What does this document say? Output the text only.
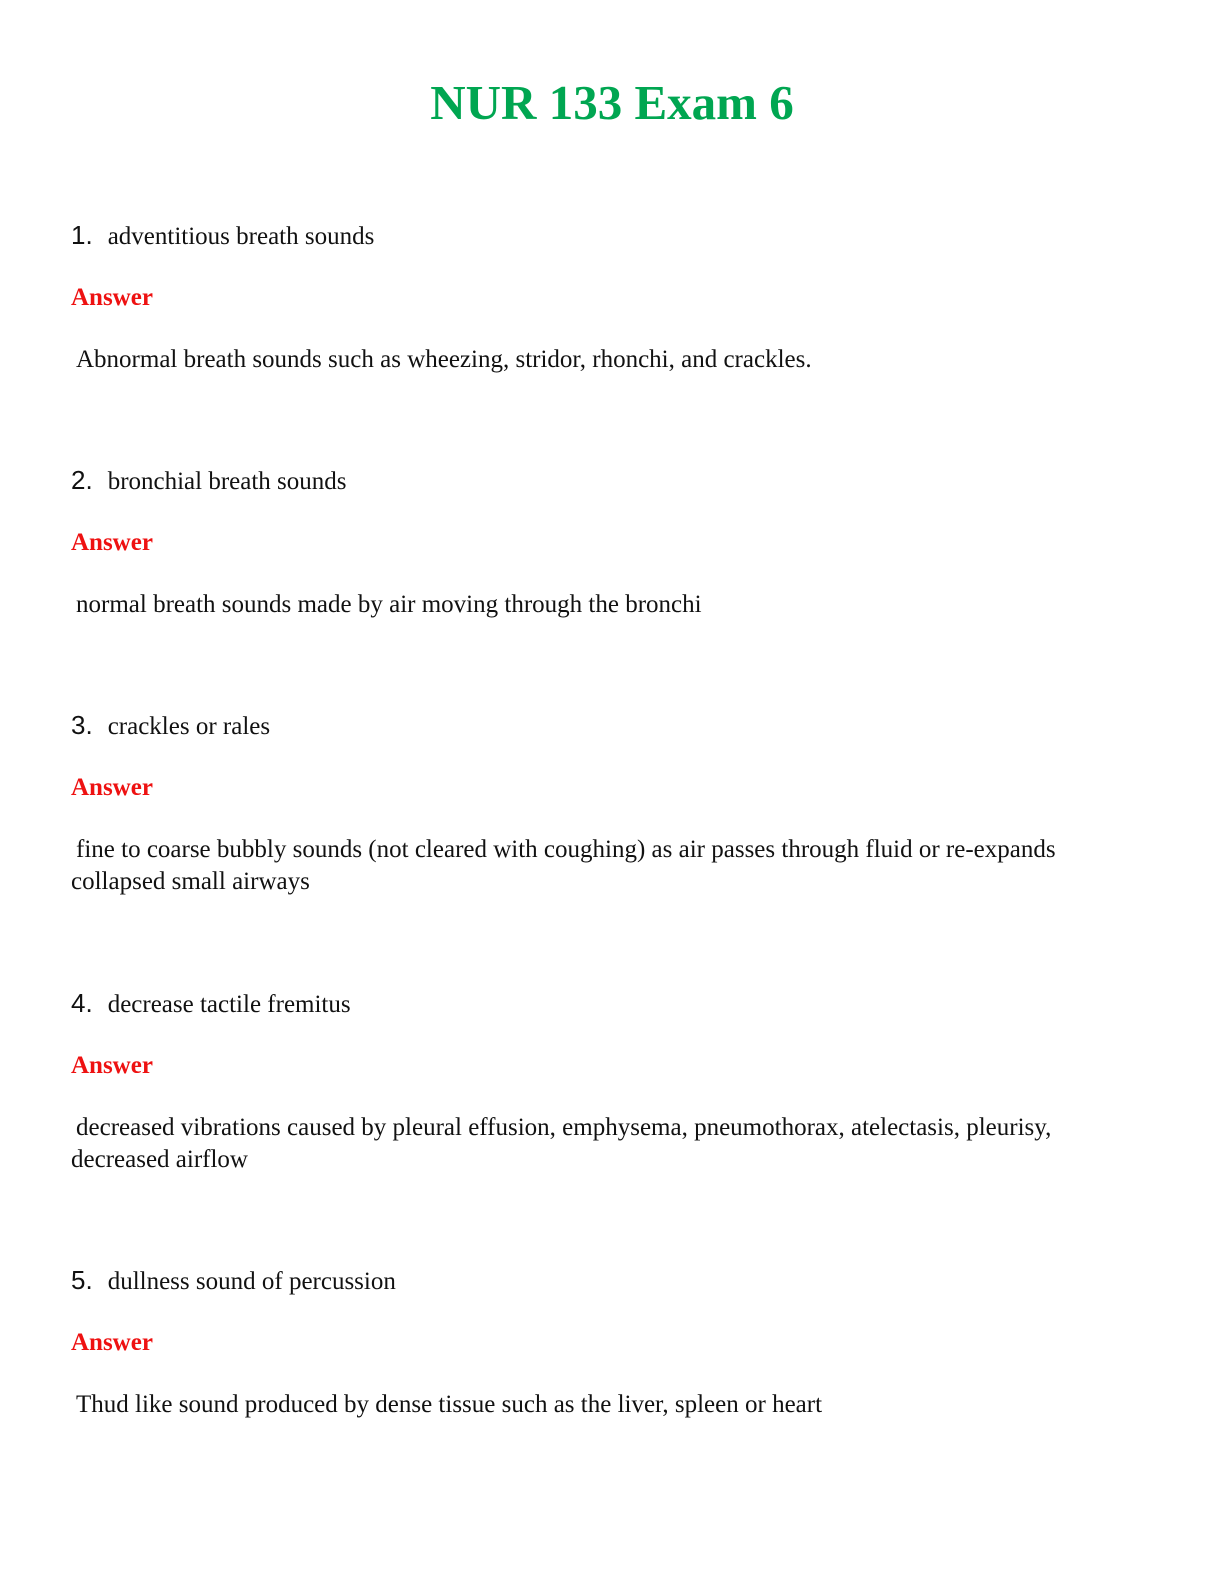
NUR 133 Exam 6
1. adventitious breath sounds
Answer
Abnormal breath sounds such as wheezing, stridor, rhonchi, and crackles.
2. bronchial breath sounds
Answer
normal breath sounds made by air moving through the bronchi
3. crackles or rales
Answer
fine to coarse bubbly sounds (not cleared with coughing) as air passes through fluid or re-expands collapsed small airways
4. decrease tactile fremitus
Answer
decreased vibrations caused by pleural effusion, emphysema, pneumothorax, atelectasis, pleurisy, decreased airflow
5. dullness sound of percussion
Answer
Thud like sound produced by dense tissue such as the liver, spleen or heart
